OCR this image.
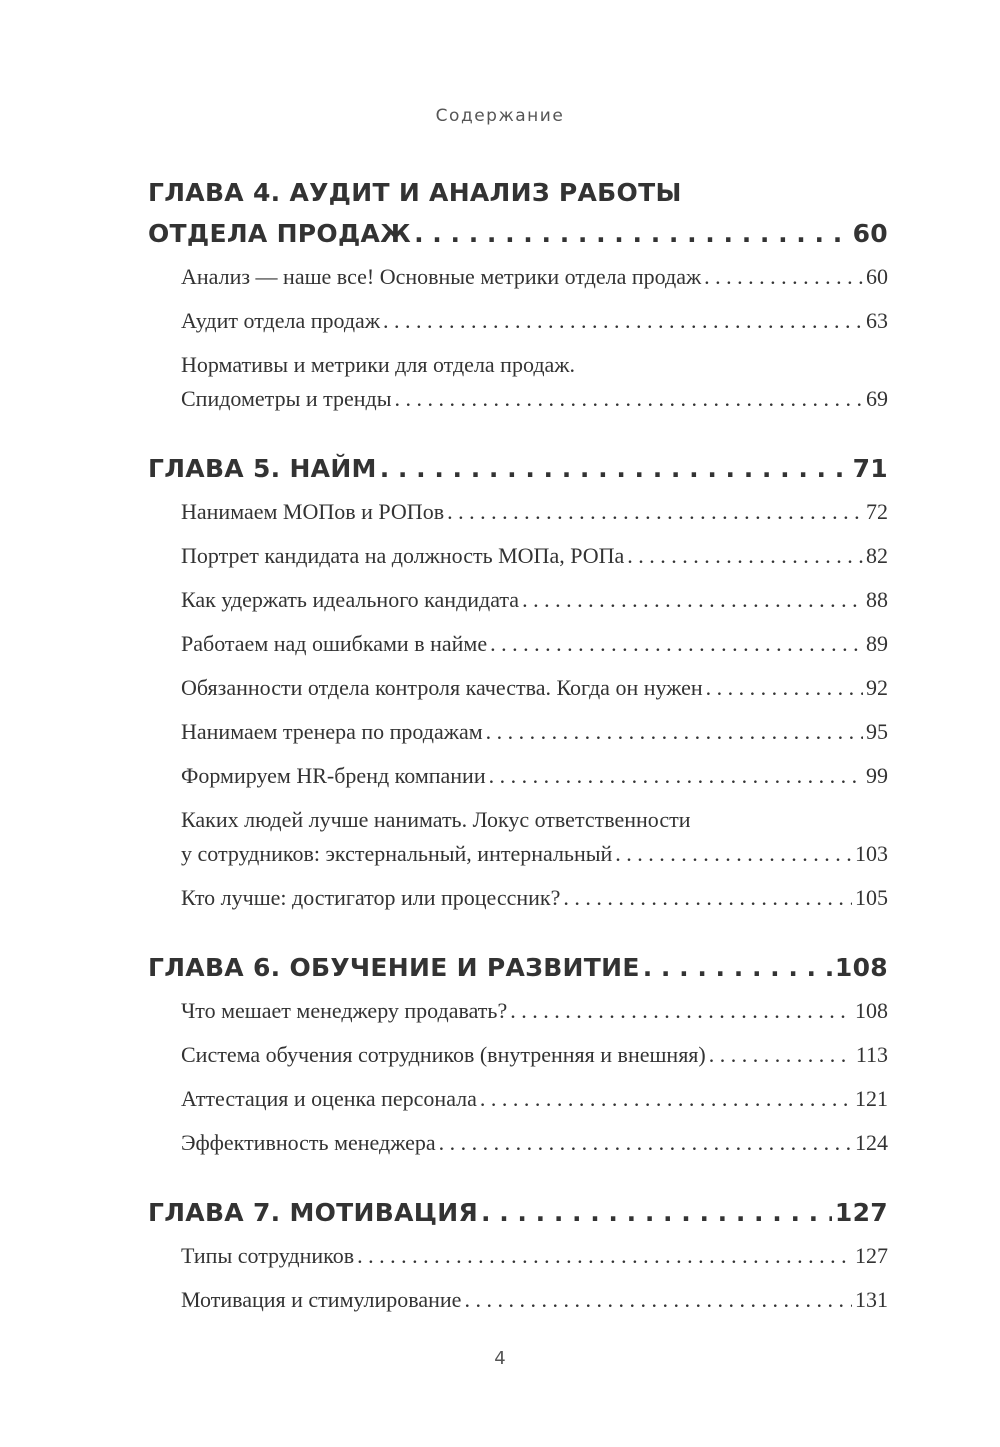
Содержание
ГЛАВА 4. АУДИТ И АНАЛИЗ РАБОТЫ
ОТДЕЛА ПРОДАЖ . . .	60
Анализ — наше все! Основные метрики отдела продаж . . .	60
Аудит отдела продаж . . .	63
Нормативы и метрики для отдела продаж.
Спидометры и тренды . . .	69
ГЛАВА 5. НАЙМ . . .	71
Нанимаем МОПов и РОПов . . .	72
Портрет кандидата на должность МОПа, РОПа . . .	82
Как удержать идеального кандидата . . .	88
Работаем над ошибками в найме . . .	89
Обязанности отдела контроля качества. Когда он нужен . . .	92
Нанимаем тренера по продажам . . .	95
Формируем HR-бренд компании . . .	99
Каких людей лучше нанимать. Локус ответственности
у сотрудников: экстернальный, интернальный . . .	103
Кто лучше: достигатор или процессник? . . .	105
ГЛАВА 6. ОБУЧЕНИЕ И РАЗВИТИЕ . . .	108
Что мешает менеджеру продавать? . . .	108
Система обучения сотрудников (внутренняя и внешняя) . . .	113
Аттестация и оценка персонала . . .	121
Эффективность менеджера . . .	124
ГЛАВА 7. МОТИВАЦИЯ . . .	127
Типы сотрудников . . .	127
Мотивация и стимулирование . . .	131
4
